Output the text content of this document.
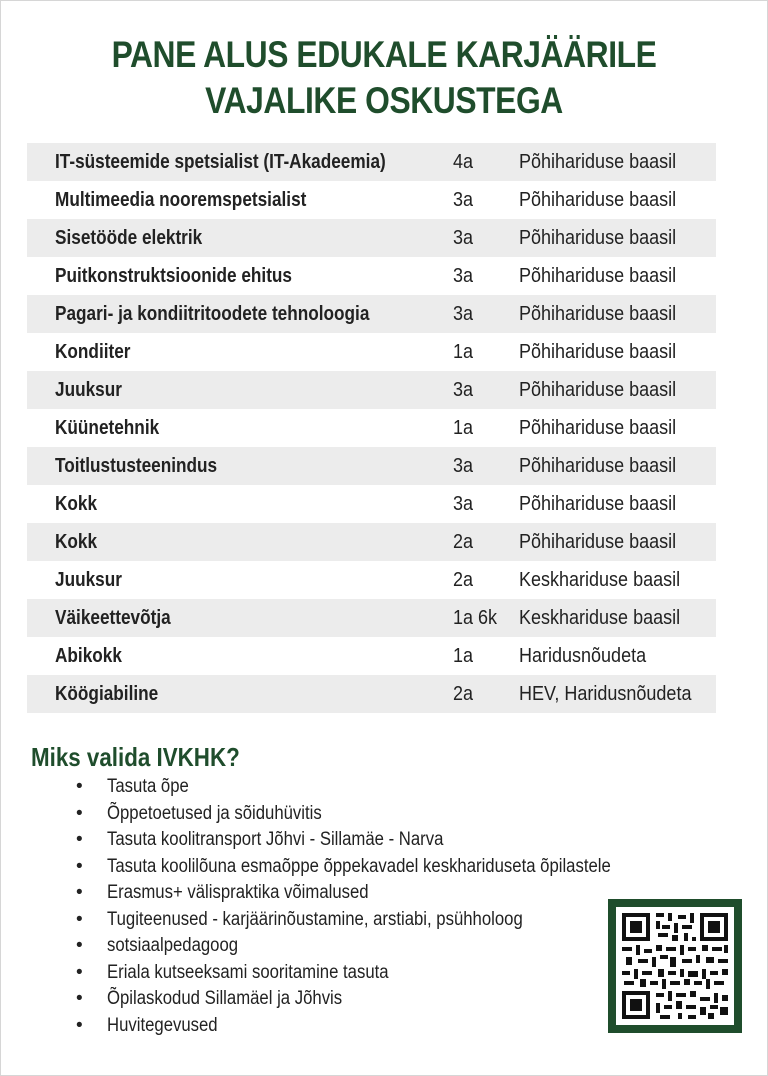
PANE ALUS EDUKALE KARJÄÄRILE
VAJALIKE OSKUSTEGA
IT-süsteemide spetsialist (IT-Akadeemia)	4a Põhihariduse baasil
Multimeedia nooremspetsialist	3a Põhihariduse baasil
Sisetööde elektrik	3a Põhihariduse baasil
Puitkonstruktsioonide ehitus	3a Põhihariduse baasil
Pagari- ja kondiitritoodete tehnoloogia	3a Põhihariduse baasil
Kondiiter	1a Põhihariduse baasil
Juuksur	3a Põhihariduse baasil
Küünetehnik	1a Põhihariduse baasil
Toitlustusteenindus	3a Põhihariduse baasil
Kokk	3a Põhihariduse baasil
Kokk	2a Põhihariduse baasil
Juuksur	2a Keskhariduse baasil
Väikeettevõtja	1a 6k Keskhariduse baasil
Abikokk	1a Haridusnõudeta
Köögiabiline	2a HEV, Haridusnõudeta
Miks valida IVKHK?
• Tasuta õpe
• Õppetoetused ja sõiduhüvitis
• Tasuta koolitransport Jõhvi - Sillamäe - Narva
• Tasuta koolilõuna esmaõppe õppekavadel keskhariduseta õpilastele
• Erasmus+ välispraktika võimalused
• Tugiteenused - karjäärinõustamine, arstiabi, psühholoog
• sotsiaalpedagoog
• Eriala kutseeksami sooritamine tasuta
• Õpilaskodud Sillamäel ja Jõhvis
• Huvitegevused
